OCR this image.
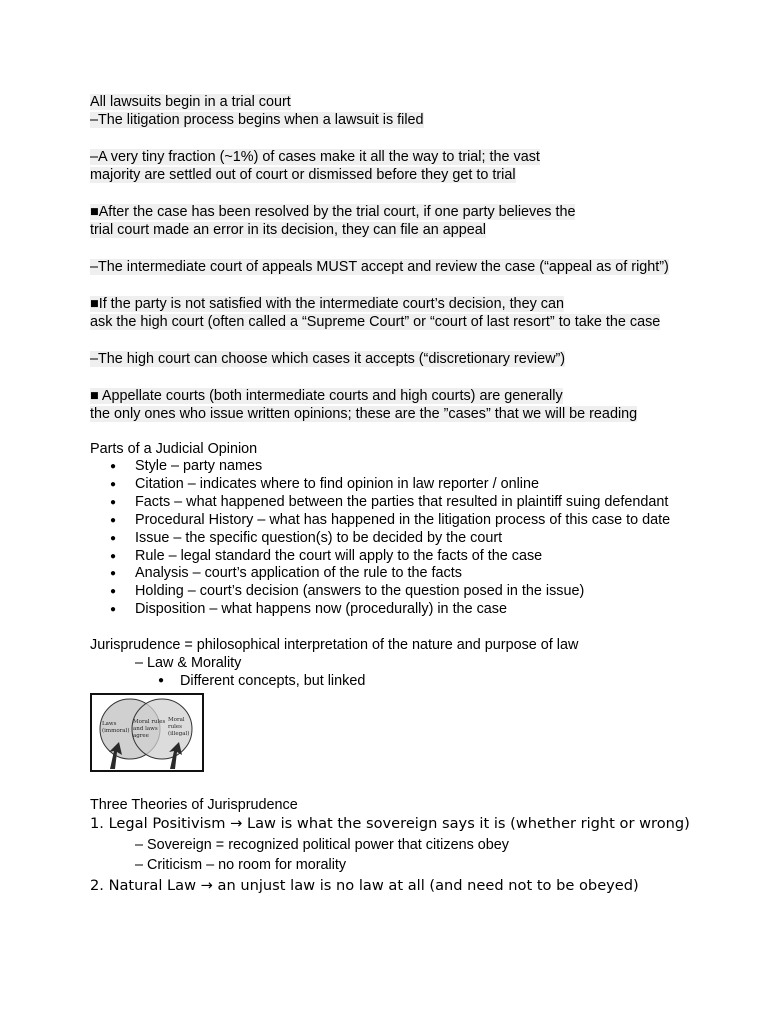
All lawsuits begin in a trial court
–The litigation process begins when a lawsuit is filed
–A very tiny fraction (~1%) of cases make it all the way to trial; the vast
majority are settled out of court or dismissed before they get to trial
■After the case has been resolved by the trial court, if one party believes the
trial court made an error in its decision, they can file an appeal
–The intermediate court of appeals MUST accept and review the case (“appeal as of right”)
■If the party is not satisfied with the intermediate court’s decision, they can
ask the high court (often called a “Supreme Court” or “court of last resort” to take the case
–The high court can choose which cases it accepts (“discretionary review”)
■ Appellate courts (both intermediate courts and high courts) are generally
the only ones who issue written opinions; these are the ”cases” that we will be reading
Parts of a Judicial Opinion
● Style – party names
● Citation – indicates where to find opinion in law reporter / online
● Facts – what happened between the parties that resulted in plaintiff suing defendant
● Procedural History – what has happened in the litigation process of this case to date
● Issue – the specific question(s) to be decided by the court
● Rule – legal standard the court will apply to the facts of the case
● Analysis – court’s application of the rule to the facts
● Holding – court’s decision (answers to the question posed in the issue)
● Disposition – what happens now (procedurally) in the case
Jurisprudence = philosophical interpretation of the nature and purpose of law
– Law & Morality
● Different concepts, but linked
Laws
(immoral)
Moral rules
and laws
agree
Moral
rules
(illegal)
Three Theories of Jurisprudence
1. Legal Positivism → Law is what the sovereign says it is (whether right or wrong)
– Sovereign = recognized political power that citizens obey
– Criticism – no room for morality
2. Natural Law → an unjust law is no law at all (and need not to be obeyed)
